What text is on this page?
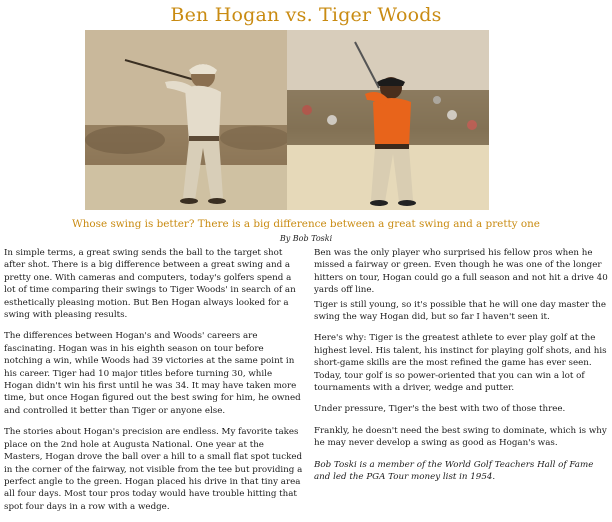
Ben Hogan vs. Tiger Woods
Whose swing is better? There is a big difference between a great swing and a pretty one
By Bob Toski

In simple terms, a great swing sends the ball to the target shot after shot. There is a big difference between a great swing and a pretty one. With cameras and computers, today's golfers spend a lot of time comparing their swings to Tiger Woods' in search of an esthetically pleasing motion. But Ben Hogan always looked for a swing with pleasing results.

The differences between Hogan's and Woods' careers are fascinating. Hogan was in his eighth season on tour before notching a win, while Woods had 39 victories at the same point in his career. Tiger had 10 major titles before turning 30, while Hogan didn't win his first until he was 34. It may have taken more time, but once Hogan figured out the best swing for him, he owned and controlled it better than Tiger or anyone else.

The stories about Hogan's precision are endless. My favorite takes place on the 2nd hole at Augusta National. One year at the Masters, Hogan drove the ball over a hill to a small flat spot tucked in the corner of the fairway, not visible from the tee but providing a perfect angle to the green. Hogan placed his drive in that tiny area all four days. Most tour pros today would have trouble hitting that spot four days in a row with a wedge.

Ben was the only player who surprised his fellow pros when he missed a fairway or green. Even though he was one of the longer hitters on tour, Hogan could go a full season and not hit a drive 40 yards off line.

Tiger is still young, so it's possible that he will one day master the swing the way Hogan did, but so far I haven't seen it.

Here's why: Tiger is the greatest athlete to ever play golf at the highest level. His talent, his instinct for playing golf shots, and his short-game skills are the most refined the game has ever seen. Today, tour golf is so power-oriented that you can win a lot of tournaments with a driver, wedge and putter.

Under pressure, Tiger's the best with two of those three.

Frankly, he doesn't need the best swing to dominate, which is why he may never develop a swing as good as Hogan's was.

Bob Toski is a member of the World Golf Teachers Hall of Fame and led the PGA Tour money list in 1954.
